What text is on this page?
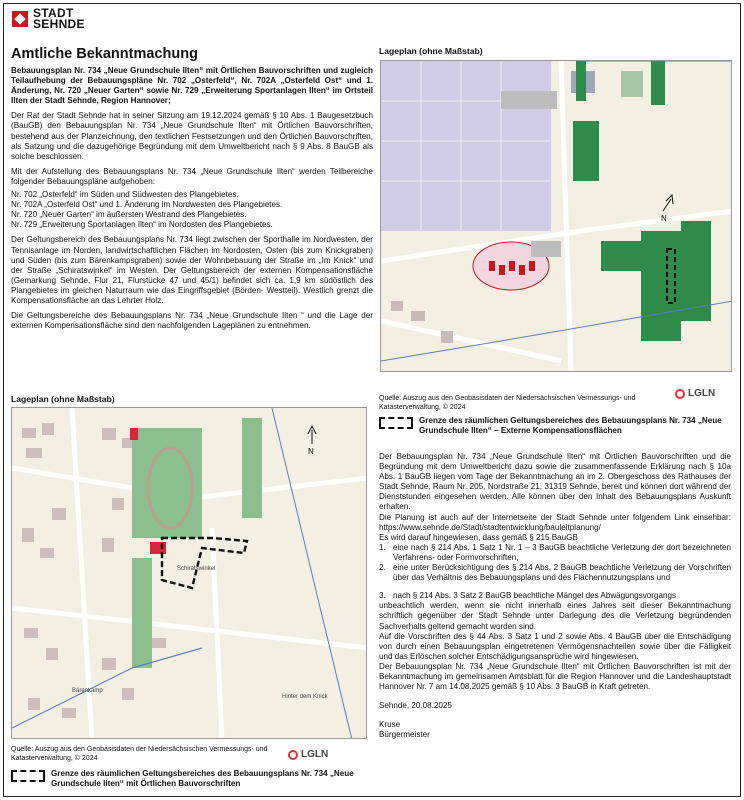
STADT
SEHNDE
Amtliche Bekanntmachung
Bebauungsplan Nr. 734 „Neue Grundschule Ilten“ mit Örtlichen Bauvorschriften und zugleich Teilaufhebung der Bebauungspläne Nr. 702 „Osterfeld“, Nr. 702A „Osterfeld Ost“ und 1. Änderung, Nr. 720 „Neuer Garten“ sowie Nr. 729 „Erweiterung Sportanlagen Ilten“ im Ortsteil Ilten der Stadt Sehnde, Region Hannover;
Der Rat der Stadt Sehnde hat in seiner Sitzung am 19.12.2024 gemäß § 10 Abs. 1 Baugesetzbuch (BauGB) den Bebauungsplan Nr. 734 „Neue Grundschule Ilten“ mit Örtlichen Bauvorschriften, bestehend aus der Planzeichnung, den textlichen Festsetzungen und den Örtlichen Bauvorschriften, als Satzung und die dazugehörige Begründung mit dem Umweltbericht nach § 9 Abs. 8 BauGB als solche beschlossen.
Mit der Aufstellung des Bebauungsplans Nr. 734 „Neue Grundschule Ilten“ werden Teilbereiche folgender Bebauungspläne aufgehoben:
Nr. 702 „Osterfeld“ im Süden und Südwesten des Plangebietes.
Nr. 702A „Osterfeld Ost“ und 1. Änderung im Nordwesten des Plangebietes.
Nr. 720 „Neuer Garten“ im äußersten Westrand des Plangebietes.
Nr. 729 „Erweiterung Sportanlagen Ilten“ im Nordosten des Plangebietes.
Der Geltungsbereich des Bebauungsplans Nr. 734 liegt zwischen der Sporthalle im Nordwesten, der Tennisanlage im Norden, landwirtschaftlichen Flächen im Nordosten, Osten (bis zum Knickgraben) und Süden (bis zum Bärenkampsgraben) sowie der Wohnbebauung der Straße im „Im Knick“ und der Straße „Schiratswinkel“ im Westen. Der Geltungsbereich der externen Kompensationsfläche (Gemarkung Sehnde, Flur 21, Flurstücke 47 und 45/1) befindet sich ca. 1,9 km südöstlich des Plangebietes im gleichen Naturraum wie das Eingriffsgebiet (Börden- Westteil). Westlich grenzt die Kompensationsfläche an das Lehrter Holz.
Die Geltungsbereiche des Bebauungsplans Nr. 734 „Neue Grundschule Ilten “ und die Lage der externen Kompensationsfläche sind den nachfolgenden Lageplänen zu entnehmen.
Lageplan (ohne Maßstab)
Schiratswinkel
Bärenkamp
Hinter dem Knick
N
Quelle: Auszug aus den Geobasisdaten der Niedersächsischen Vermessungs- und Katasterverwaltung, © 2024	LGLN
Grenze des räumlichen Geltungsbereiches des Bebauungsplans Nr. 734 „Neue Grundschule Ilten“ mit Örtlichen Bauvorschriften
Lageplan (ohne Maßstab)
N
Quelle: Auszug aus den Geobasisdaten der Niedersächsischen Vermessungs- und Katasterverwaltung, © 2024
LGLN
Grenze des räumlichen Geltungsbereiches des Bebauungsplans Nr. 734 „Neue Grundschule Ilten“ – Externe Kompensationsflächen
Der Bebauungsplan Nr. 734 „Neue Grundschule Ilten“ mit Örtlichen Bauvorschriften und die Begründung mit dem Umweltbericht dazu sowie die zusammenfassende Erklärung nach § 10a Abs. 1 BauGB liegen vom Tage der Bekanntmachung an im 2. Obergeschoss des Rathauses der Stadt Sehnde, Raum Nr. 205, Nordstraße 21, 31319 Sehnde, bereit und können dort während der Dienststunden eingesehen werden. Alle können über den Inhalt des Bebauungsplans Auskunft erhalten.
Die Planung ist auch auf der Internetseite der Stadt Sehnde unter folgendem Link einsehbar: https://www.sehnde.de/Stadt/stadtentwicklung/bauleitplanung/
Es wird darauf hingewiesen, dass gemäß § 215 BauGB
1. eine nach § 214 Abs. 1 Satz 1 Nr. 1 – 3 BauGB beachtliche Verletzung der dort bezeichneten Verfahrens- oder Formvorschriften,
2. eine unter Berücksichtigung des § 214 Abs. 2 BauGB beachtliche Verletzung der Vorschriften über das Verhältnis des Bebauungsplans und des Flächennutzungsplans und
3. nach § 214 Abs. 3 Satz 2 BauGB beachtliche Mängel des Abwägungsvorgangs
unbeachtlich werden, wenn sie nicht innerhalb eines Jahres seit dieser Bekanntmachung schriftlich gegenüber der Stadt Sehnde unter Darlegung des die Verletzung begründenden Sachverhalts geltend gemacht worden sind.
Auf die Vorschriften des § 44 Abs. 3 Satz 1 und 2 sowie Abs. 4 BauGB über die Entschädigung von durch einen Bebauungsplan eingetretenen Vermögensnachteilen sowie über die Fälligkeit und das Erlöschen solcher Entschädigungsansprüche wird hingewiesen.
Der Bebauungsplan Nr. 734 „Neue Grundschule Ilten“ mit Örtlichen Bauvorschriften ist mit der Bekanntmachung im gemeinsamen Amtsblatt für die Region Hannover und die Landeshauptstadt Hannover Nr. 7 am 14.08.2025 gemäß § 10 Abs. 3 BauGB in Kraft getreten.
Sehnde, 20.08.2025
Kruse
Bürgermeister
